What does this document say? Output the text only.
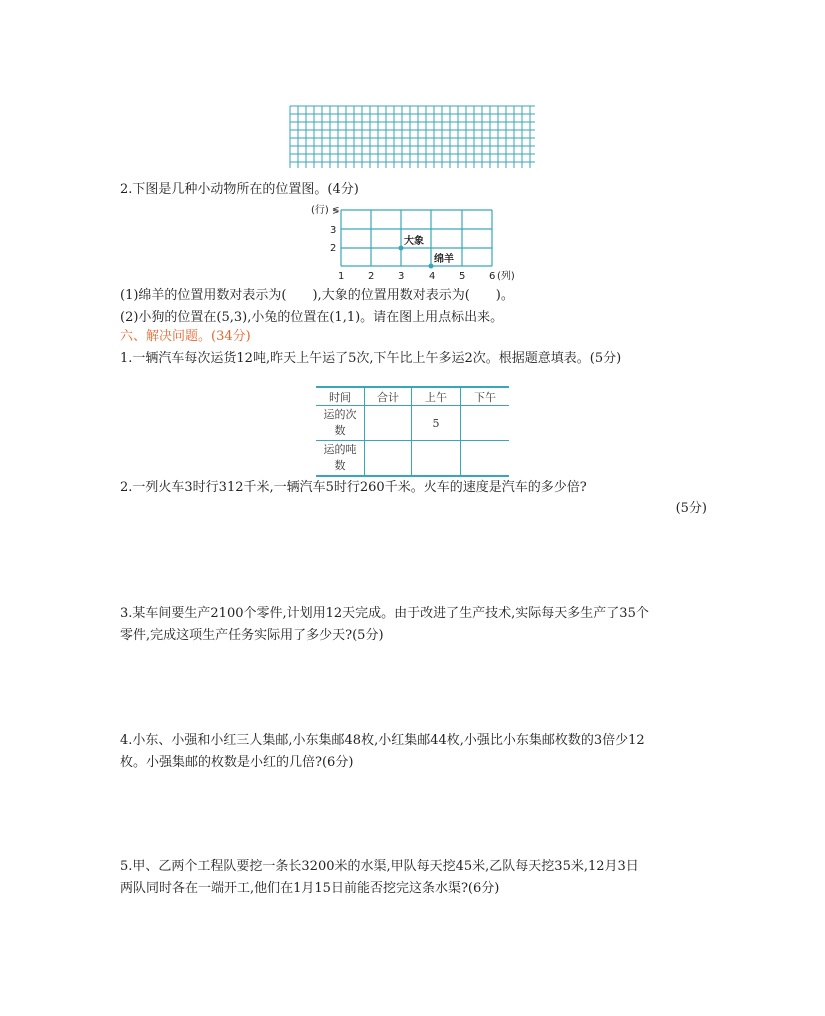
2.下图是几种小动物所在的位置图。(4分)
(行) ≶
3
2
1 2 3 4 5 6 (列)
大象
绵羊
(1)绵羊的位置用数对表示为(　　),大象的位置用数对表示为(　　)。
(2)小狗的位置在(5,3),小兔的位置在(1,1)。请在图上用点标出来。
六、解决问题。(34分)
1.一辆汽车每次运货12吨,昨天上午运了5次,下午比上午多运2次。根据题意填表。(5分)
时间	合计	上午	下午

运的次
数		5	

运的吨
数			

2.一列火车3时行312千米,一辆汽车5时行260千米。火车的速度是汽车的多少倍?
(5分)
3.某车间要生产2100个零件,计划用12天完成。由于改进了生产技术,实际每天多生产了35个
零件,完成这项生产任务实际用了多少天?(5分)
4.小东、小强和小红三人集邮,小东集邮48枚,小红集邮44枚,小强比小东集邮枚数的3倍少12
枚。小强集邮的枚数是小红的几倍?(6分)
5.甲、乙两个工程队要挖一条长3200米的水渠,甲队每天挖45米,乙队每天挖35米,12月3日
两队同时各在一端开工,他们在1月15日前能否挖完这条水渠?(6分)
